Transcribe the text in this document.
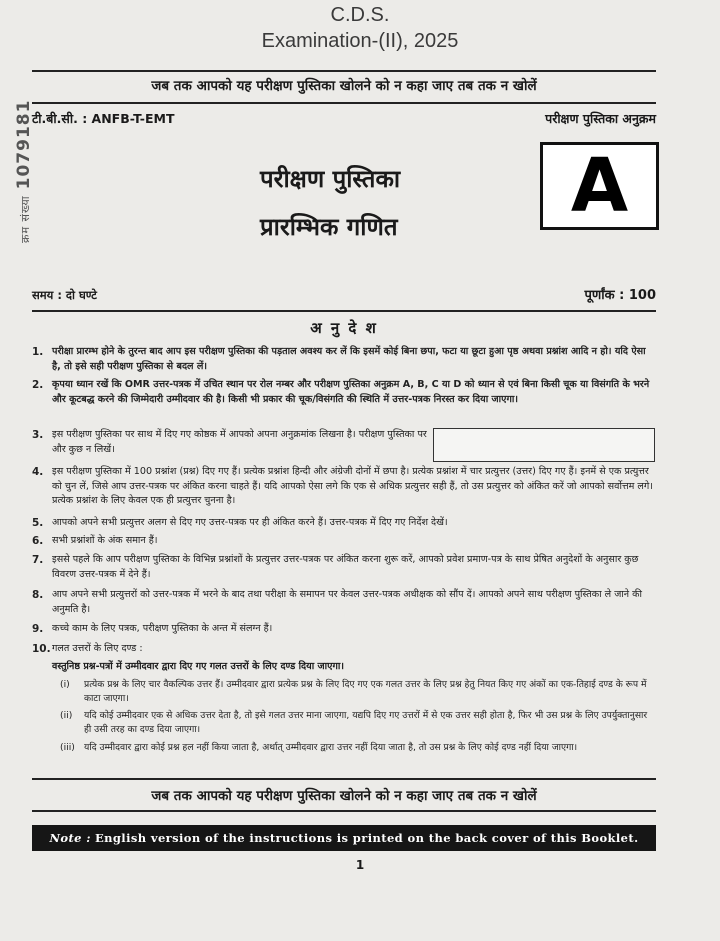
C.D.S.
Examination-(II), 2025
जब तक आपको यह परीक्षण पुस्तिका खोलने को न कहा जाए तब तक न खोलें
टी.बी.सी. : ANFB-T-EMT	परीक्षण पुस्तिका अनुक्रम
A
क्रम संख्या1079181	परीक्षण पुस्तिका
प्रारम्भिक गणित
समय : दो घण्टे	पूर्णांक : 100
अ नु दे श
1. परीक्षा प्रारम्भ होने के तुरन्त बाद आप इस परीक्षण पुस्तिका की पड़ताल अवश्य कर लें कि इसमें कोई बिना छपा, फटा या छूटा हुआ पृष्ठ अथवा प्रश्नांश आदि न हो। यदि ऐसा है, तो इसे सही परीक्षण पुस्तिका से बदल लें।
2. कृपया ध्यान रखें कि OMR उत्तर-पत्रक में उचित स्थान पर रोल नम्बर और परीक्षण पुस्तिका अनुक्रम A, B, C या D को ध्यान से एवं बिना किसी चूक या विसंगति के भरने और कूटबद्ध करने की जिम्मेदारी उम्मीदवार की है। किसी भी प्रकार की चूक/विसंगति की स्थिति में उत्तर-पत्रक निरस्त कर दिया जाएगा।
3. इस परीक्षण पुस्तिका पर साथ में दिए गए कोष्ठक में आपको अपना अनुक्रमांक लिखना है। परीक्षण पुस्तिका पर और कुछ न लिखें।
4. इस परीक्षण पुस्तिका में 100 प्रश्नांश (प्रश्न) दिए गए हैं। प्रत्येक प्रश्नांश हिन्दी और अंग्रेजी दोनों में छपा है। प्रत्येक प्रश्नांश में चार प्रत्युत्तर (उत्तर) दिए गए हैं। इनमें से एक प्रत्युत्तर को चुन लें, जिसे आप उत्तर-पत्रक पर अंकित करना चाहते हैं। यदि आपको ऐसा लगे कि एक से अधिक प्रत्युत्तर सही हैं, तो उस प्रत्युत्तर को अंकित करें जो आपको सर्वोत्तम लगे। प्रत्येक प्रश्नांश के लिए केवल एक ही प्रत्युत्तर चुनना है।
5. आपको अपने सभी प्रत्युत्तर अलग से दिए गए उत्तर-पत्रक पर ही अंकित करने हैं। उत्तर-पत्रक में दिए गए निर्देश देखें।
6. सभी प्रश्नांशों के अंक समान हैं।
7. इससे पहले कि आप परीक्षण पुस्तिका के विभिन्न प्रश्नांशों के प्रत्युत्तर उत्तर-पत्रक पर अंकित करना शुरू करें, आपको प्रवेश प्रमाण-पत्र के साथ प्रेषित अनुदेशों के अनुसार कुछ विवरण उत्तर-पत्रक में देने हैं।
8. आप अपने सभी प्रत्युत्तरों को उत्तर-पत्रक में भरने के बाद तथा परीक्षा के समापन पर केवल उत्तर-पत्रक अधीक्षक को सौंप दें। आपको अपने साथ परीक्षण पुस्तिका ले जाने की अनुमति है।
9. कच्चे काम के लिए पत्रक, परीक्षण पुस्तिका के अन्त में संलग्न हैं।
10. गलत उत्तरों के लिए दण्ड :
वस्तुनिष्ठ प्रश्न-पत्रों में उम्मीदवार द्वारा दिए गए गलत उत्तरों के लिए दण्ड दिया जाएगा।
(i) प्रत्येक प्रश्न के लिए चार वैकल्पिक उत्तर हैं। उम्मीदवार द्वारा प्रत्येक प्रश्न के लिए दिए गए एक गलत उत्तर के लिए प्रश्न हेतु नियत किए गए अंकों का एक-तिहाई दण्ड के रूप में काटा जाएगा।
(ii) यदि कोई उम्मीदवार एक से अधिक उत्तर देता है, तो इसे गलत उत्तर माना जाएगा, यद्यपि दिए गए उत्तरों में से एक उत्तर सही होता है, फिर भी उस प्रश्न के लिए उपर्युक्तानुसार ही उसी तरह का दण्ड दिया जाएगा।
(iii) यदि उम्मीदवार द्वारा कोई प्रश्न हल नहीं किया जाता है, अर्थात् उम्मीदवार द्वारा उत्तर नहीं दिया जाता है, तो उस प्रश्न के लिए कोई दण्ड नहीं दिया जाएगा।
जब तक आपको यह परीक्षण पुस्तिका खोलने को न कहा जाए तब तक न खोलें
Note : English version of the instructions is printed on the back cover of this Booklet.
1
